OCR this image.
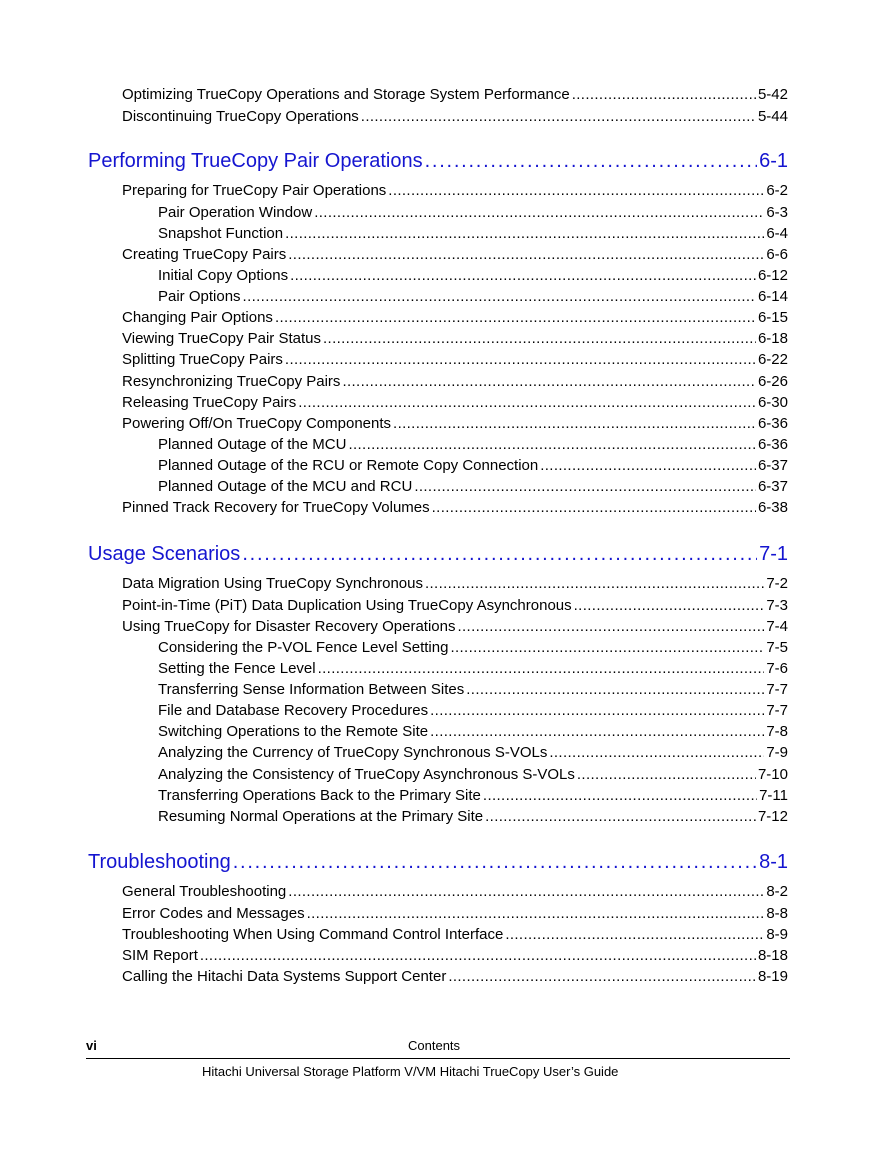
Optimizing TrueCopy Operations and Storage System Performance . . .	5-42
Discontinuing TrueCopy Operations . . .	5-44
Performing TrueCopy Pair Operations . . .	6-1
Preparing for TrueCopy Pair Operations . . .	6-2
Pair Operation Window . . .	6-3
Snapshot Function . . .	6-4
Creating TrueCopy Pairs . . .	6-6
Initial Copy Options . . .	6-12
Pair Options . . .	6-14
Changing Pair Options . . .	6-15
Viewing TrueCopy Pair Status . . .	6-18
Splitting TrueCopy Pairs . . .	6-22
Resynchronizing TrueCopy Pairs . . .	6-26
Releasing TrueCopy Pairs . . .	6-30
Powering Off/On TrueCopy Components . . .	6-36
Planned Outage of the MCU . . .	6-36
Planned Outage of the RCU or Remote Copy Connection . . .	6-37
Planned Outage of the MCU and RCU . . .	6-37
Pinned Track Recovery for TrueCopy Volumes . . .	6-38
Usage Scenarios . . .	7-1
Data Migration Using TrueCopy Synchronous . . .	7-2
Point-in-Time (PiT) Data Duplication Using TrueCopy Asynchronous . . .	7-3
Using TrueCopy for Disaster Recovery Operations . . .	7-4
Considering the P-VOL Fence Level Setting . . .	7-5
Setting the Fence Level . . .	7-6
Transferring Sense Information Between Sites . . .	7-7
File and Database Recovery Procedures . . .	7-7
Switching Operations to the Remote Site . . .	7-8
Analyzing the Currency of TrueCopy Synchronous S-VOLs . . .	7-9
Analyzing the Consistency of TrueCopy Asynchronous S-VOLs . . .	7-10
Transferring Operations Back to the Primary Site . . .	7-11
Resuming Normal Operations at the Primary Site . . .	7-12
Troubleshooting . . .	8-1
General Troubleshooting . . .	8-2
Error Codes and Messages . . .	8-8
Troubleshooting When Using Command Control Interface . . .	8-9
SIM Report . . .	8-18
Calling the Hitachi Data Systems Support Center . . .	8-19
vi	Contents
Hitachi Universal Storage Platform V/VM Hitachi TrueCopy User’s Guide
